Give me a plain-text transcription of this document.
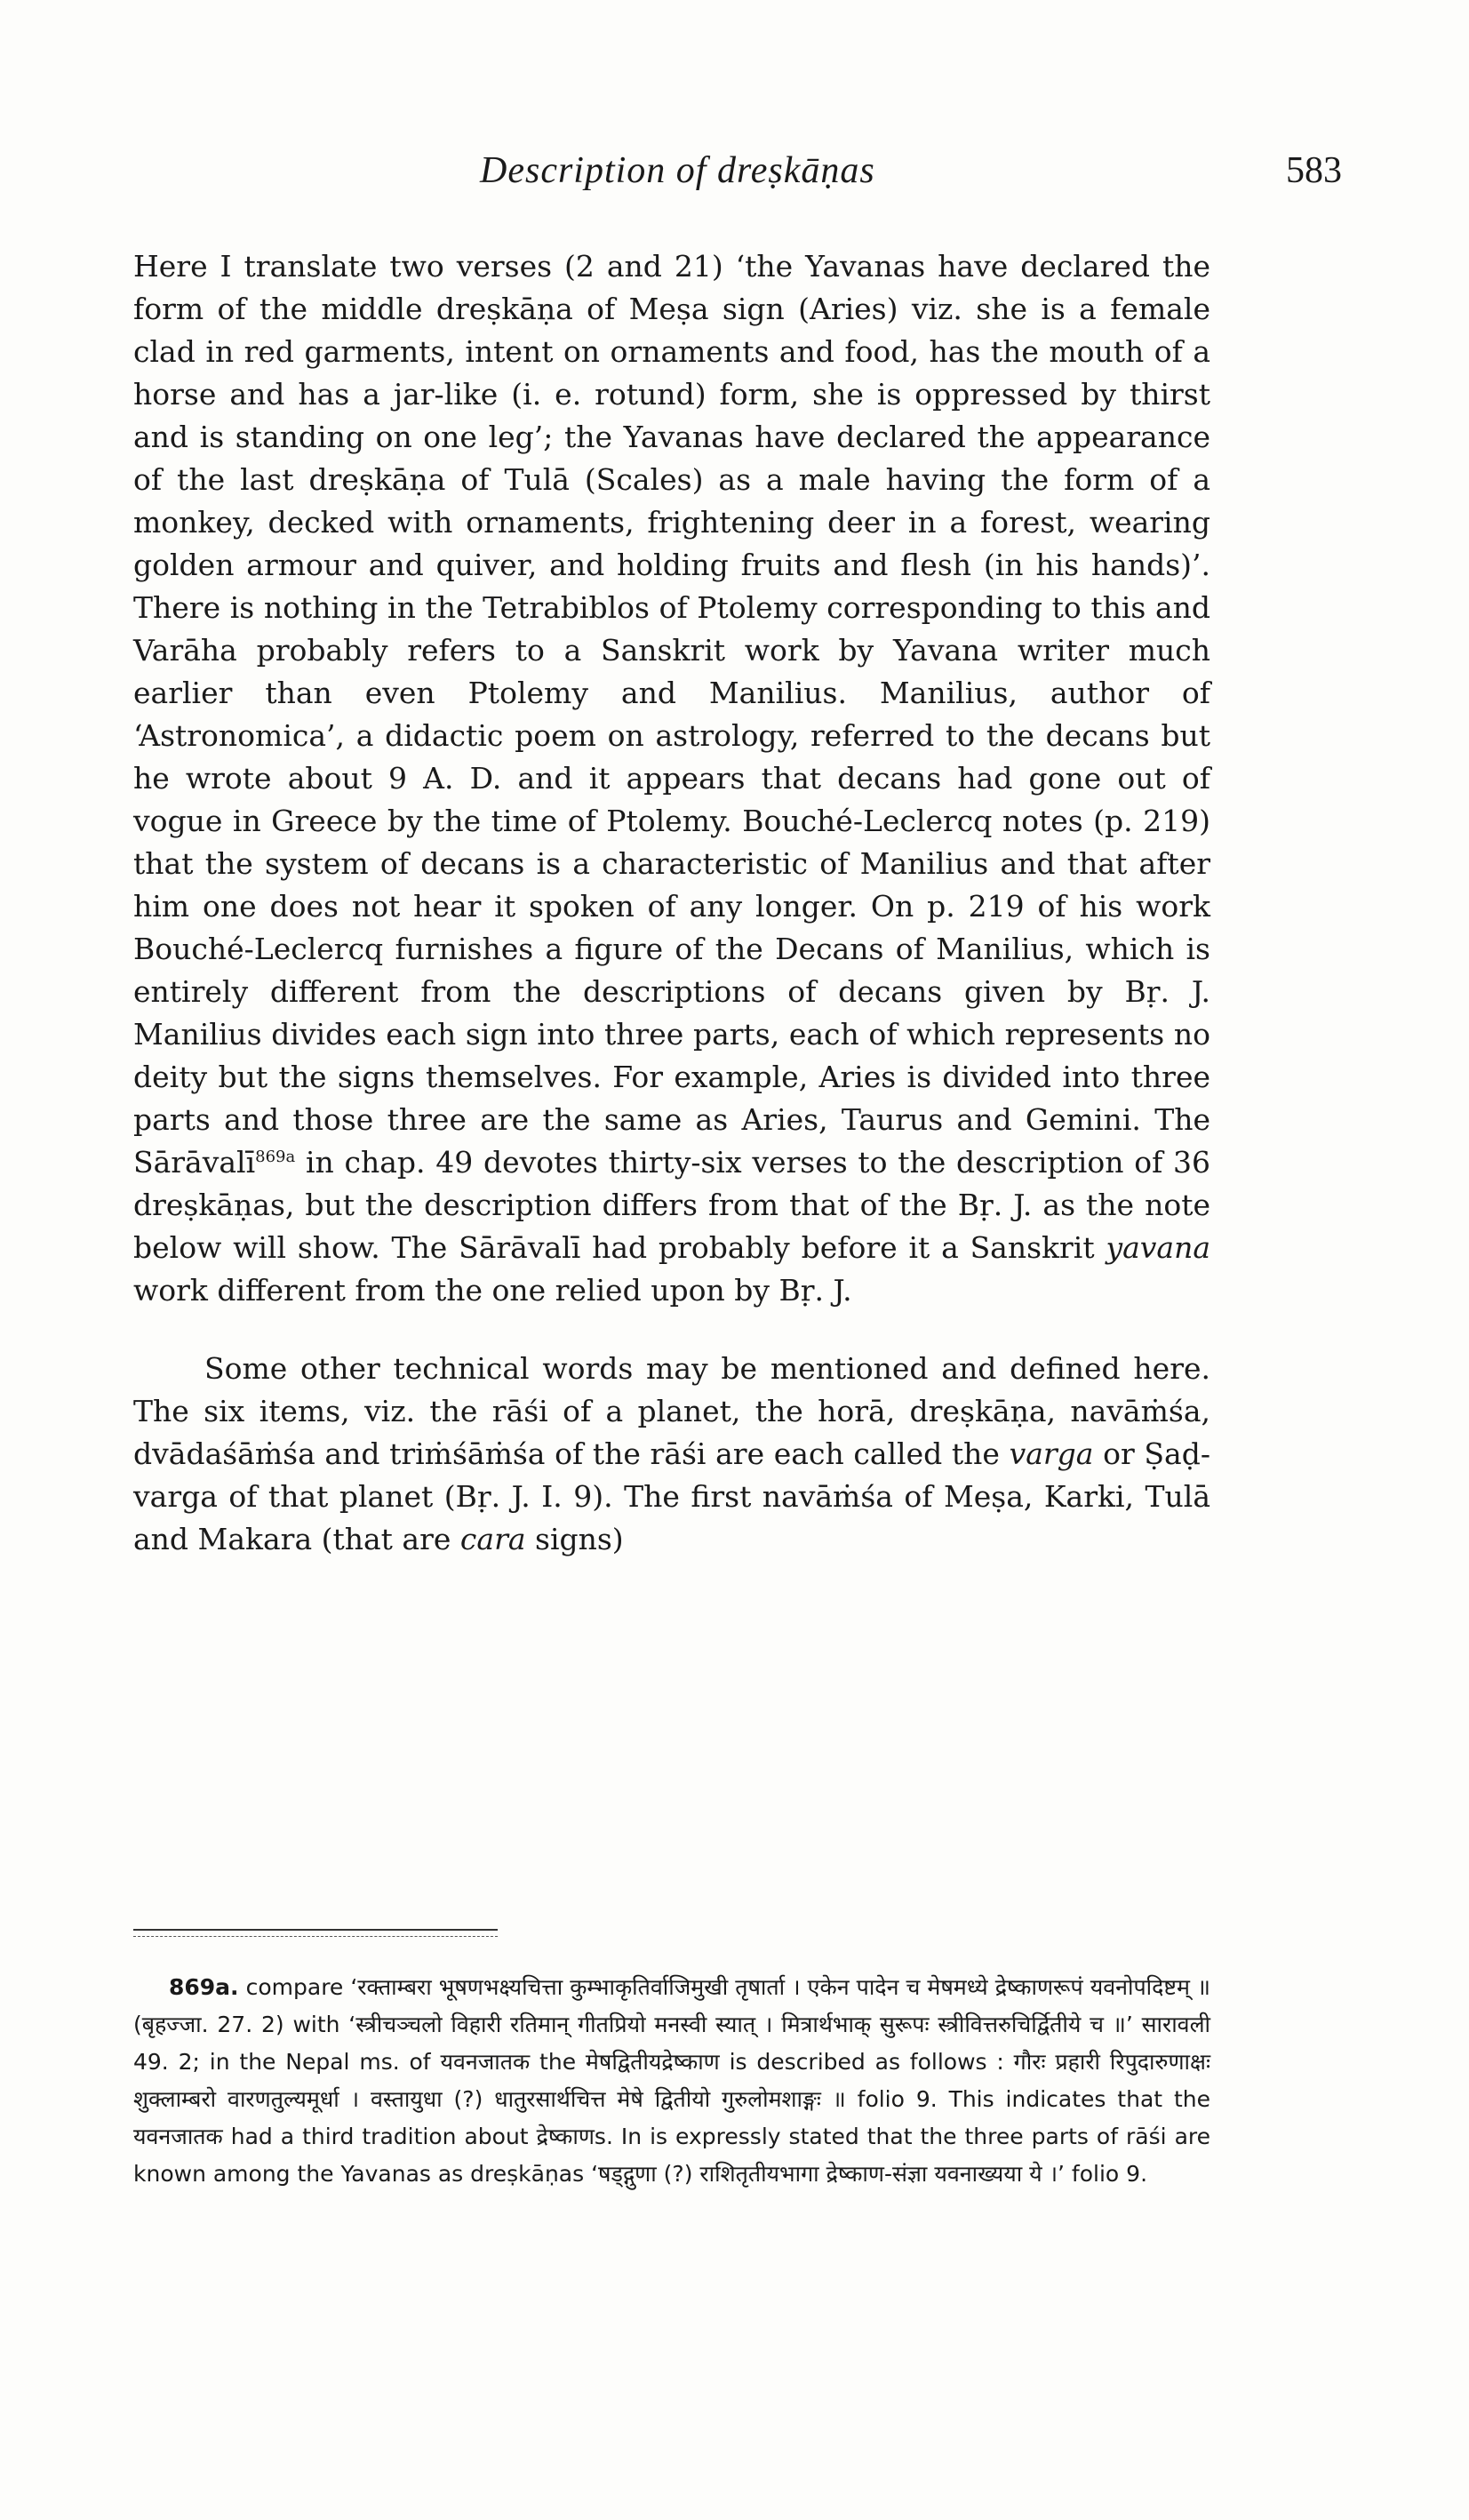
Description of dreṣkāṇas	583

Here I translate two verses (2 and 21) ‘the Yavanas have declared the form of the middle dreṣkāṇa of Meṣa sign (Aries) viz. she is a female clad in red garments, intent on ornaments and food, has the mouth of a horse and has a jar-like (i. e. rotund) form, she is oppressed by thirst and is standing on one leg’; the Yavanas have declared the appearance of the last dreṣkāṇa of Tulā (Scales) as a male having the form of a monkey, decked with ornaments, frightening deer in a forest, wearing golden armour and quiver, and holding fruits and flesh (in his hands)’. There is nothing in the Tetrabiblos of Ptolemy corresponding to this and Varāha probably refers to a Sanskrit work by Yavana writer much earlier than even Ptolemy and Manilius. Manilius, author of ‘Astronomica’, a didactic poem on astrology, referred to the decans but he wrote about 9 A. D. and it appears that decans had gone out of vogue in Greece by the time of Ptolemy. Bouché-Leclercq notes (p. 219) that the system of decans is a characteristic of Manilius and that after him one does not hear it spoken of any longer. On p. 219 of his work Bouché-Leclercq furnishes a figure of the Decans of Manilius, which is entirely different from the descriptions of decans given by Bṛ. J. Manilius divides each sign into three parts, each of which represents no deity but the signs themselves. For example, Aries is divided into three parts and those three are the same as Aries, Taurus and Gemini. The Sārāvalī$^{869a}$ in chap. 49 devotes thirty-six verses to the description of 36 dreṣkāṇas, but the description differs from that of the Bṛ. J. as the note below will show. The Sārāvalī had probably before it a Sanskrit yavana work different from the one relied upon by Bṛ. J.

Some other technical words may be mentioned and defined here. The six items, viz. the rāśi of a planet, the horā, dreṣkāṇa, navāṁśa, dvādaśāṁśa and triṁśāṁśa of the rāśi are each called the varga or Ṣaḍ-varga of that planet (Bṛ. J. I. 9). The first navāṁśa of Meṣa, Karki, Tulā and Makara (that are cara signs)

869a. compare ‘रक्ताम्बरा भूषणभक्ष्यचित्ता कुम्भाकृतिर्वाजिमुखी तृषार्ता । एकेन पादेन च मेषमध्ये द्रेष्काणरूपं यवनोपदिष्टम् ॥ (बृहज्जा. 27. 2) with ‘स्त्रीचञ्चलो विहारी रतिमान् गीतप्रियो मनस्वी स्यात् । मित्रार्थभाक् सुरूपः स्त्रीवित्तरुचिर्द्वितीये च ॥’ सारावली 49. 2; in the Nepal ms. of यवनजातक the मेषद्वितीयद्रेष्काण is described as follows : गौरः प्रहारी रिपुदारुणाक्षः शुक्लाम्बरो वारणतुल्यमूर्धा । वस्तायुधा (?) धातुरसार्थचित्त मेषे द्वितीयो गुरुलोमशाङ्गः ॥ folio 9. This indicates that the यवनजातक had a third tradition about द्रेष्काणs. In is expressly stated that the three parts of rāśi are known among the Yavanas as dreṣkāṇas ‘षड्द्गुणा (?) राशितृतीयभागा द्रेष्काण-संज्ञा यवनाख्यया ये ।’ folio 9.
